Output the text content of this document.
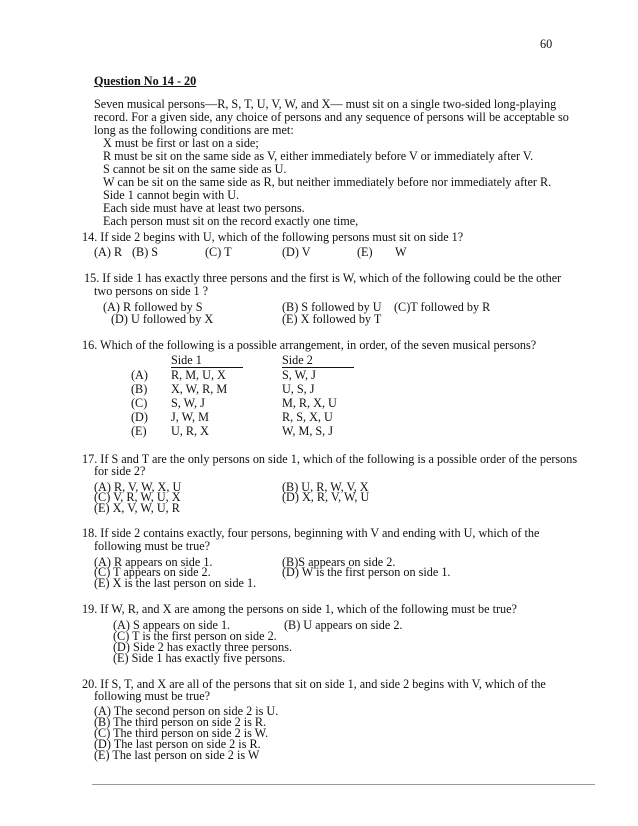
60
Question No 14 - 20
Seven musical persons—R, S, T, U, V, W, and X— must sit on a single two-sided long-playing
record. For a given side, any choice of persons and any sequence of persons will be acceptable so
long as the following conditions are met:
X must be first or last on a side;
R must be sit on the same side as V, either immediately before V or immediately after V.
S cannot be sit on the same side as U.
W can be sit on the same side as R, but neither immediately before nor immediately after R.
Side 1 cannot begin with U.
Each side must have at least two persons.
Each person must sit on the record exactly one time,
14. If side 2 begins with U, which of the following persons must sit on side 1?
(A) R (B) S	(C) T	(D) V	(E) W
15. If side 1 has exactly three persons and the first is W, which of the following could be the other
two persons on side 1 ?
(A) R followed by S	(B) S followed by U (C)T followed by R
(D) U followed by X	(E) X followed by T
16. Which of the following is a possible arrangement, in order, of the seven musical persons?
Side 1	Side 2
(A) R, M, U, X	S, W, J
(B) X, W, R, M	U, S, J
(C) S, W, J	M, R, X, U
(D) J, W, M	R, S, X, U
(E) U, R, X	W, M, S, J
17. If S and T are the only persons on side 1, which of the following is a possible order of the persons
for side 2?
(A) R, V, W, X, U	(B) U, R, W, V, X
(C) V, R, W, U, X	(D) X, R, V, W, U
(E) X, V, W, U, R
18. If side 2 contains exactly, four persons, beginning with V and ending with U, which of the
following must be true?
(A) R appears on side 1.	(B)S appears on side 2.
(C) T appears on side 2.	(D) W is the first person on side 1.
(E) X is the last person on side 1.
19. If W, R, and X are among the persons on side 1, which of the following must be true?
(A) S appears on side 1.	(B) U appears on side 2.
(C) T is the first person on side 2.
(D) Side 2 has exactly three persons.
(E) Side 1 has exactly five persons.
20. If S, T, and X are all of the persons that sit on side 1, and side 2 begins with V, which of the
following must be true?
(A) The second person on side 2 is U.
(B) The third person on side 2 is R.
(C) The third person on side 2 is W.
(D) The last person on side 2 is R.
(E) The last person on side 2 is W
